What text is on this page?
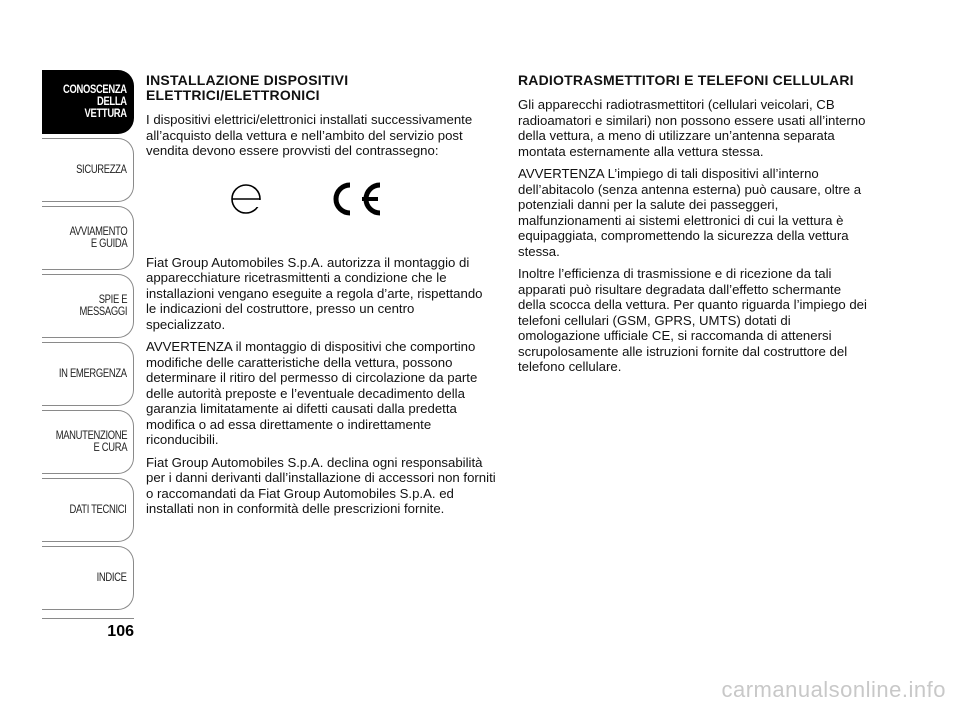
CONOSCENZA
DELLA
VETTURA
SICUREZZA
AVVIAMENTO
E GUIDA
SPIE E
MESSAGGI
IN EMERGENZA
MANUTENZIONE
E CURA
DATI TECNICI
INDICE
106
INSTALLAZIONE DISPOSITIVI ELETTRICI/ELETTRONICI

I dispositivi elettrici/elettronici installati successivamente all’acquisto della vettura e nell’ambito del servizio post vendita devono essere provvisti del contrassegno:

Fiat Group Automobiles S.p.A. autorizza il montaggio di apparecchiature ricetrasmittenti a condizione che le installazioni vengano eseguite a regola d’arte, rispettando le indicazioni del costruttore, presso un centro specializzato.

AVVERTENZA il montaggio di dispositivi che comportino modifiche delle caratteristiche della vettura, possono determinare il ritiro del permesso di circolazione da parte delle autorità preposte e l’eventuale decadimento della garanzia limitatamente ai difetti causati dalla predetta modifica o ad essa direttamente o indirettamente riconducibili.

Fiat Group Automobiles S.p.A. declina ogni responsabilità per i danni derivanti dall’installazione di accessori non forniti o raccomandati da Fiat Group Automobiles S.p.A. ed installati non in conformità delle prescrizioni fornite.

RADIOTRASMETTITORI E TELEFONI CELLULARI

Gli apparecchi radiotrasmettitori (cellulari veicolari, CB radioamatori e similari) non possono essere usati all’interno della vettura, a meno di utilizzare un’antenna separata montata esternamente alla vettura stessa.

AVVERTENZA L’impiego di tali dispositivi all’interno dell’abitacolo (senza antenna esterna) può causare, oltre a potenziali danni per la salute dei passeggeri, malfunzionamenti ai sistemi elettronici di cui la vettura è equipaggiata, compromettendo la sicurezza della vettura stessa.

Inoltre l’efficienza di trasmissione e di ricezione da tali apparati può risultare degradata dall’effetto schermante della scocca della vettura. Per quanto riguarda l’impiego dei telefoni cellulari (GSM, GPRS, UMTS) dotati di omologazione ufficiale CE, si raccomanda di attenersi scrupolosamente alle istruzioni fornite dal costruttore del telefono cellulare.

carmanualsonline.info
